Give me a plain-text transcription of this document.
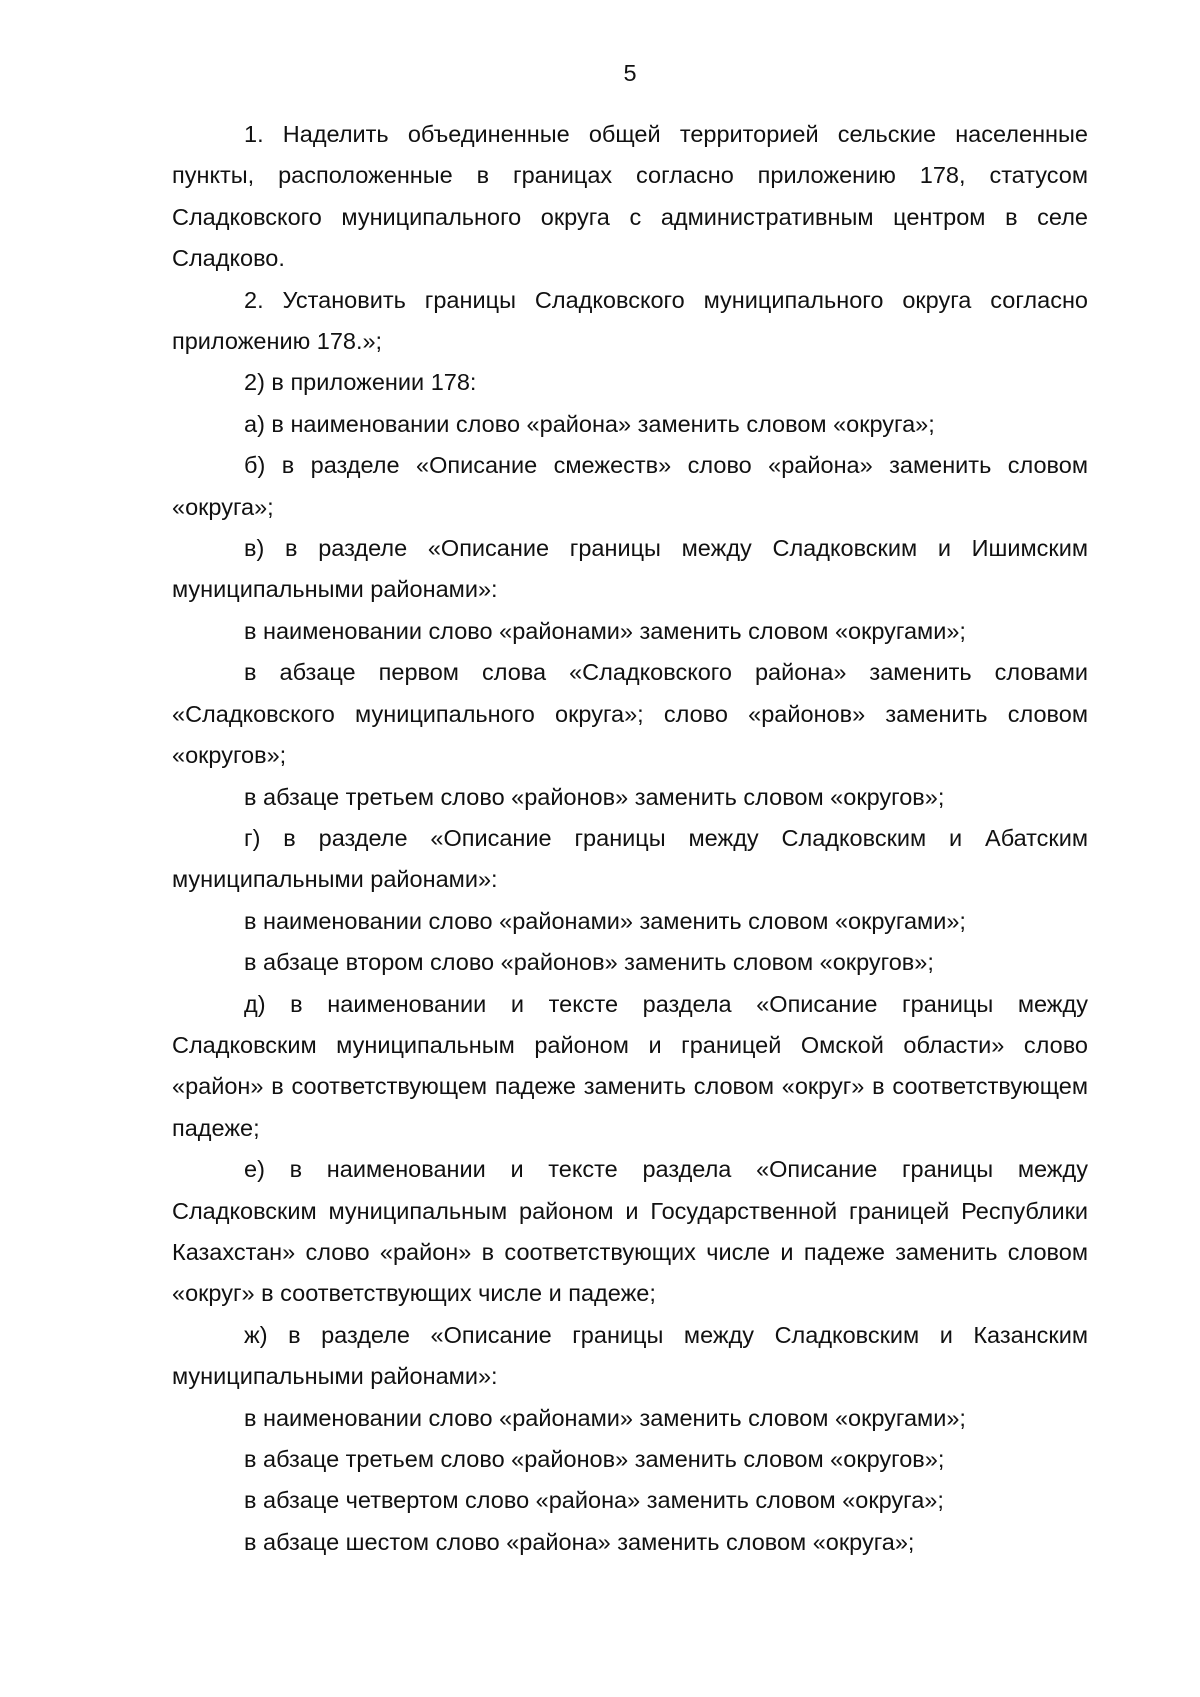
5

1. Наделить объединенные общей территорией сельские населенные пункты, расположенные в границах согласно приложению 178, статусом Сладковского муниципального округа с административным центром в селе Сладково.

2. Установить границы Сладковского муниципального округа согласно приложению 178.»;

2) в приложении 178:

а) в наименовании слово «района» заменить словом «округа»;

б) в разделе «Описание смежеств» слово «района» заменить словом «округа»;

в) в разделе «Описание границы между Сладковским и Ишимским муниципальными районами»:

в наименовании слово «районами» заменить словом «округами»;

в абзаце первом слова «Сладковского района» заменить словами «Сладковского муниципального округа»; слово «районов» заменить словом «округов»;

в абзаце третьем слово «районов» заменить словом «округов»;

г) в разделе «Описание границы между Сладковским и Абатским муниципальными районами»:

в наименовании слово «районами» заменить словом «округами»;

в абзаце втором слово «районов» заменить словом «округов»;

д) в наименовании и тексте раздела «Описание границы между Сладковским муниципальным районом и границей Омской области» слово «район» в соответствующем падеже заменить словом «округ» в соответствующем падеже;

е) в наименовании и тексте раздела «Описание границы между Сладковским муниципальным районом и Государственной границей Республики Казахстан» слово «район» в соответствующих числе и падеже заменить словом «округ» в соответствующих числе и падеже;

ж) в разделе «Описание границы между Сладковским и Казанским муниципальными районами»:

в наименовании слово «районами» заменить словом «округами»;

в абзаце третьем слово «районов» заменить словом «округов»;

в абзаце четвертом слово «района» заменить словом «округа»;

в абзаце шестом слово «района» заменить словом «округа»;
